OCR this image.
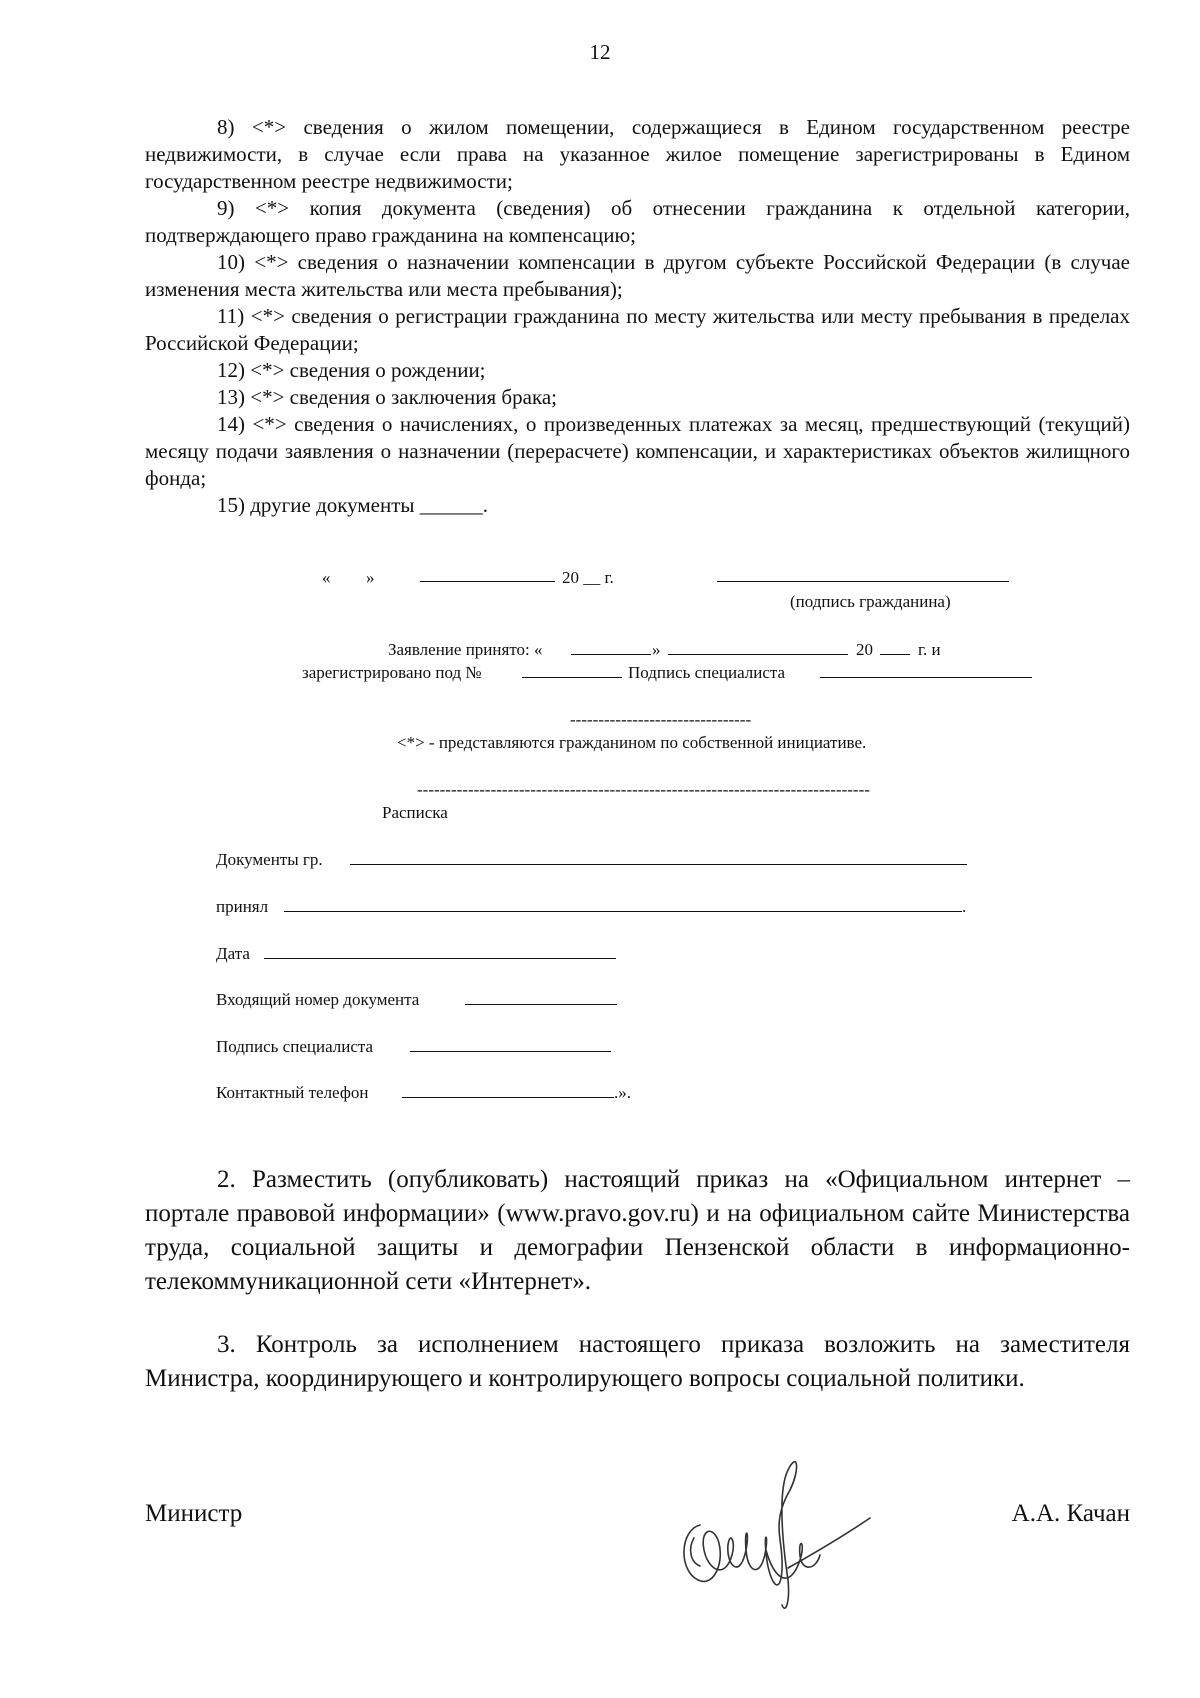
12

8) <*> сведения о жилом помещении, содержащиеся в Едином государственном реестре недвижимости, в случае если права на указанное жилое помещение зарегистрированы в Едином государственном реестре недвижимости;

9) <*> копия документа (сведения) об отнесении гражданина к отдельной категории, подтверждающего право гражданина на компенсацию;

10) <*> сведения о назначении компенсации в другом субъекте Российской Федерации (в случае изменения места жительства или места пребывания);

11) <*> сведения о регистрации гражданина по месту жительства или месту пребывания в пределах Российской Федерации;

12) <*> сведения о рождении;

13) <*> сведения о заключения брака;

14) <*> сведения о начислениях, о произведенных платежах за месяц, предшествующий (текущий) месяцу подачи заявления о назначении (перерасчете) компенсации, и характеристиках объектов жилищного фонда;

15) другие документы ______.

« »	20 __ г.
(подпись гражданина)
Заявление принято: «	»	20	г. и
зарегистрировано под №	Подпись специалиста
--------------------------------
<*> - представляются гражданином по собственной инициативе.
--------------------------------------------------------------------------------
Расписка
Документы гр.
принял	.
Дата
Входящий номер документа
Подпись специалиста
Контактный телефон	.».

2. Разместить (опубликовать) настоящий приказ на «Официальном интернет – портале правовой информации» (www.pravo.gov.ru) и на официальном сайте Министерства труда, социальной защиты и демографии Пензенской области в информационно-телекоммуникационной сети «Интернет».

3. Контроль за исполнением настоящего приказа возложить на заместителя Министра, координирующего и контролирующего вопросы социальной политики.

Министр	А.А. Качан
